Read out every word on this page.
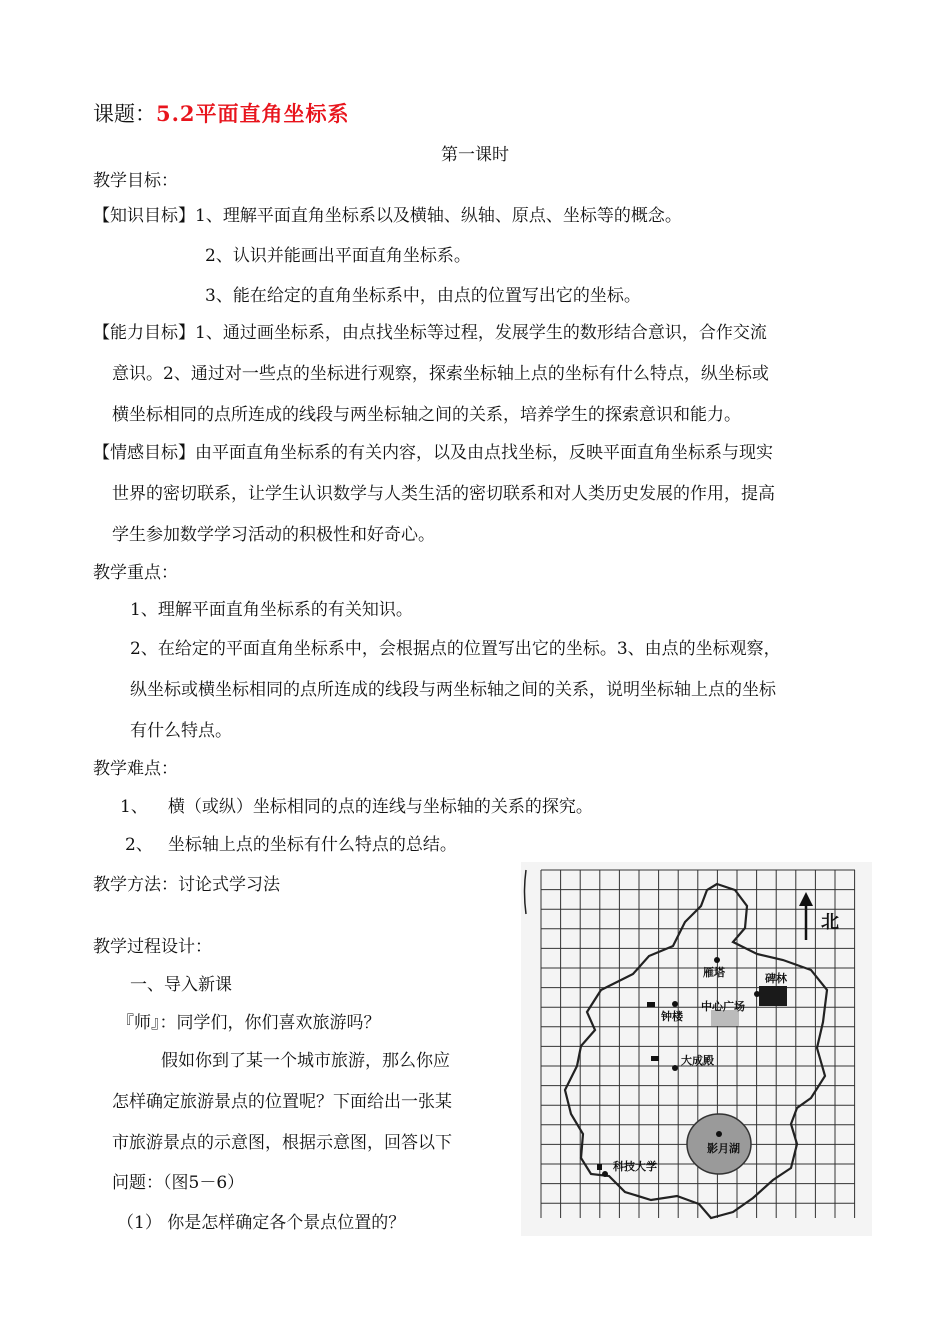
课题：5.2平面直角坐标系
第一课时
教学目标：
【知识目标】1、理解平面直角坐标系以及横轴、纵轴、原点、坐标等的概念。
2、认识并能画出平面直角坐标系。
3、能在给定的直角坐标系中，由点的位置写出它的坐标。
【能力目标】1、通过画坐标系，由点找坐标等过程，发展学生的数形结合意识，合作交流
意识。2、通过对一些点的坐标进行观察，探索坐标轴上点的坐标有什么特点，纵坐标或
横坐标相同的点所连成的线段与两坐标轴之间的关系，培养学生的探索意识和能力。
【情感目标】由平面直角坐标系的有关内容，以及由点找坐标，反映平面直角坐标系与现实
世界的密切联系，让学生认识数学与人类生活的密切联系和对人类历史发展的作用，提高
学生参加数学学习活动的积极性和好奇心。
教学重点：
1、理解平面直角坐标系的有关知识。
2、在给定的平面直角坐标系中，会根据点的位置写出它的坐标。3、由点的坐标观察，
纵坐标或横坐标相同的点所连成的线段与两坐标轴之间的关系，说明坐标轴上点的坐标
有什么特点。
教学难点：
1、 横（或纵）坐标相同的点的连线与坐标轴的关系的探究。
2、 坐标轴上点的坐标有什么特点的总结。
教学方法：讨论式学习法
教学过程设计：
一、导入新课
『师』：同学们，你们喜欢旅游吗？
假如你到了某一个城市旅游，那么你应
怎样确定旅游景点的位置呢？下面给出一张某
市旅游景点的示意图，根据示意图，回答以下
问题：（图5－6）
（1） 你是怎样确定各个景点位置的？
北
雁塔	碑林
钟楼
中心广场
大成殿
影月湖
科技大学
